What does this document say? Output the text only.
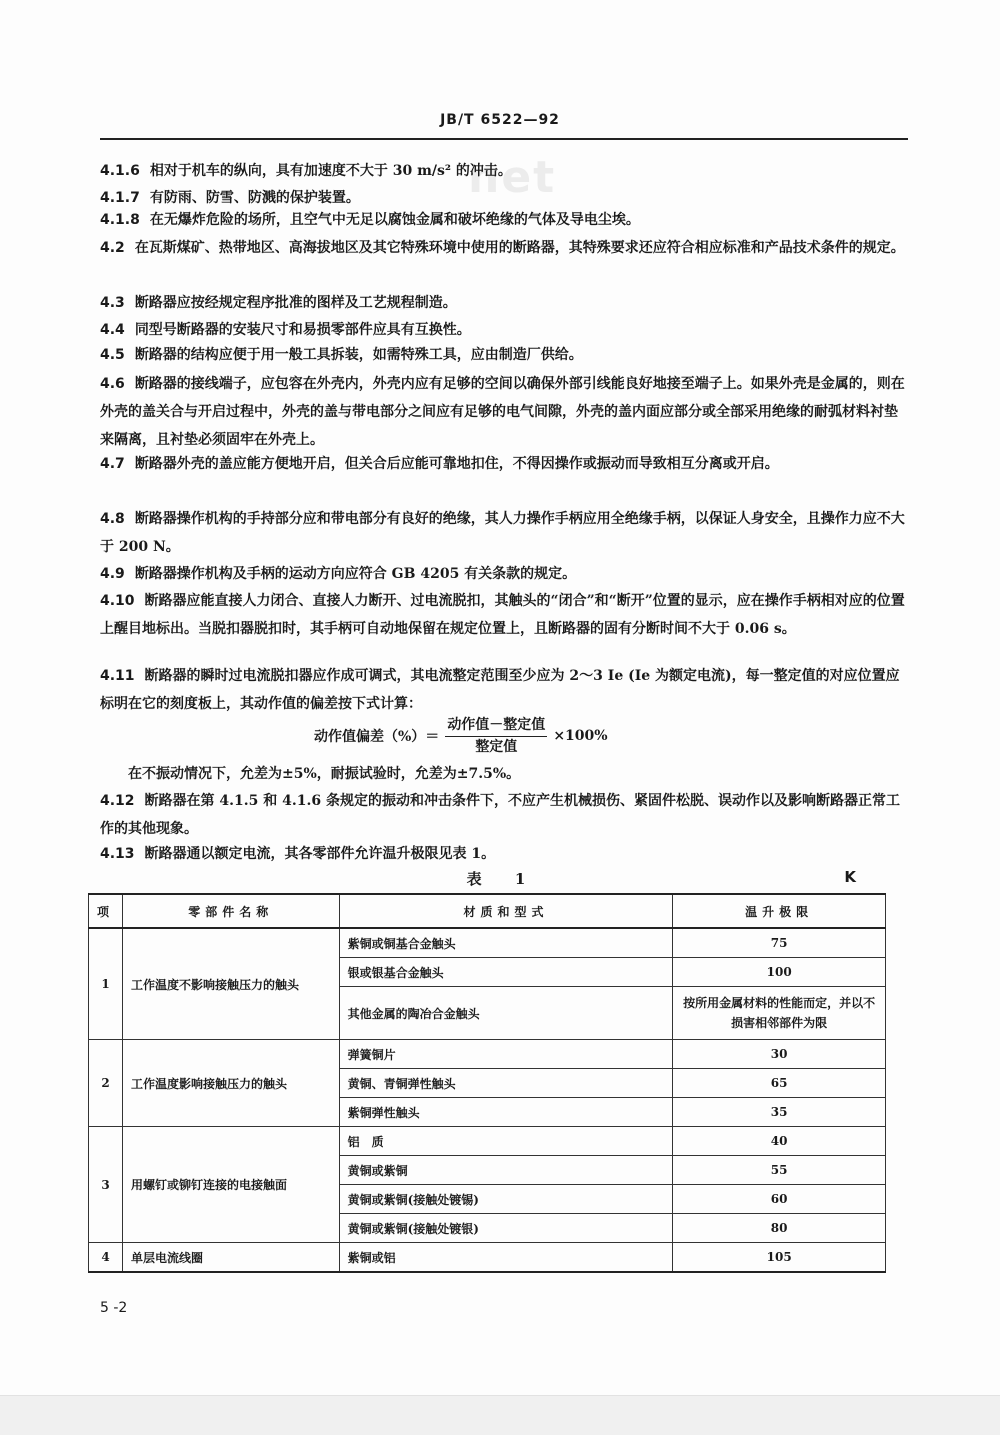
net
JB/T 6522—92
4.1.6 相对于机车的纵向，具有加速度不大于 30 m/s² 的冲击。
4.1.7 有防雨、防雪、防溅的保护装置。
4.1.8 在无爆炸危险的场所，且空气中无足以腐蚀金属和破坏绝缘的气体及导电尘埃。
4.2 在瓦斯煤矿、热带地区、高海拔地区及其它特殊环境中使用的断路器，其特殊要求还应符合相应标准和产品技术条件的规定。
4.3 断路器应按经规定程序批准的图样及工艺规程制造。
4.4 同型号断路器的安装尺寸和易损零部件应具有互换性。
4.5 断路器的结构应便于用一般工具拆装，如需特殊工具，应由制造厂供给。
4.6 断路器的接线端子，应包容在外壳内，外壳内应有足够的空间以确保外部引线能良好地接至端子上。如果外壳是金属的，则在外壳的盖关合与开启过程中，外壳的盖与带电部分之间应有足够的电气间隙，外壳的盖内面应部分或全部采用绝缘的耐弧材料衬垫来隔离，且衬垫必须固牢在外壳上。
4.7 断路器外壳的盖应能方便地开启，但关合后应能可靠地扣住，不得因操作或振动而导致相互分离或开启。
4.8 断路器操作机构的手持部分应和带电部分有良好的绝缘，其人力操作手柄应用全绝缘手柄，以保证人身安全，且操作力应不大于 200 N。
4.9 断路器操作机构及手柄的运动方向应符合 GB 4205 有关条款的规定。
4.10 断路器应能直接人力闭合、直接人力断开、过电流脱扣，其触头的“闭合”和“断开”位置的显示，应在操作手柄相对应的位置上醒目地标出。当脱扣器脱扣时，其手柄可自动地保留在规定位置上，且断路器的固有分断时间不大于 0.06 s。
4.11 断路器的瞬时过电流脱扣器应作成可调式，其电流整定范围至少应为 2～3 Ie (Ie 为额定电流)，每一整定值的对应位置应标明在它的刻度板上，其动作值的偏差按下式计算：
动作值偏差（%）＝ $\frac{\text{动作值－整定值}}{\text{整定值}} \times 100\%$
在不振动情况下，允差为±5%，耐振试验时，允差为±7.5%。
4.12 断路器在第 4.1.5 和 4.1.6 条规定的振动和冲击条件下，不应产生机械损伤、紧固件松脱、误动作以及影响断路器正常工作的其他现象。
4.13 断路器通以额定电流，其各零部件允许温升极限见表 1。
表 1	K
项	零部件名称	材质和型式	温升极限
1	工作温度不影响接触压力的触头	紫铜或铜基合金触头	75
		银或银基合金触头	100
		其他金属的陶冶合金触头	按所用金属材料的性能而定，并以不损害相邻部件为限
2	工作温度影响接触压力的触头	弹簧铜片	30
		黄铜、青铜弹性触头	65
		紫铜弹性触头	35
3	用螺钉或铆钉连接的电接触面	铝　质	40
		黄铜或紫铜	55
		黄铜或紫铜(接触处镀锡)	60
		黄铜或紫铜(接触处镀银)	80
4	单层电流线圈	紫铜或铝	105
5 -2
